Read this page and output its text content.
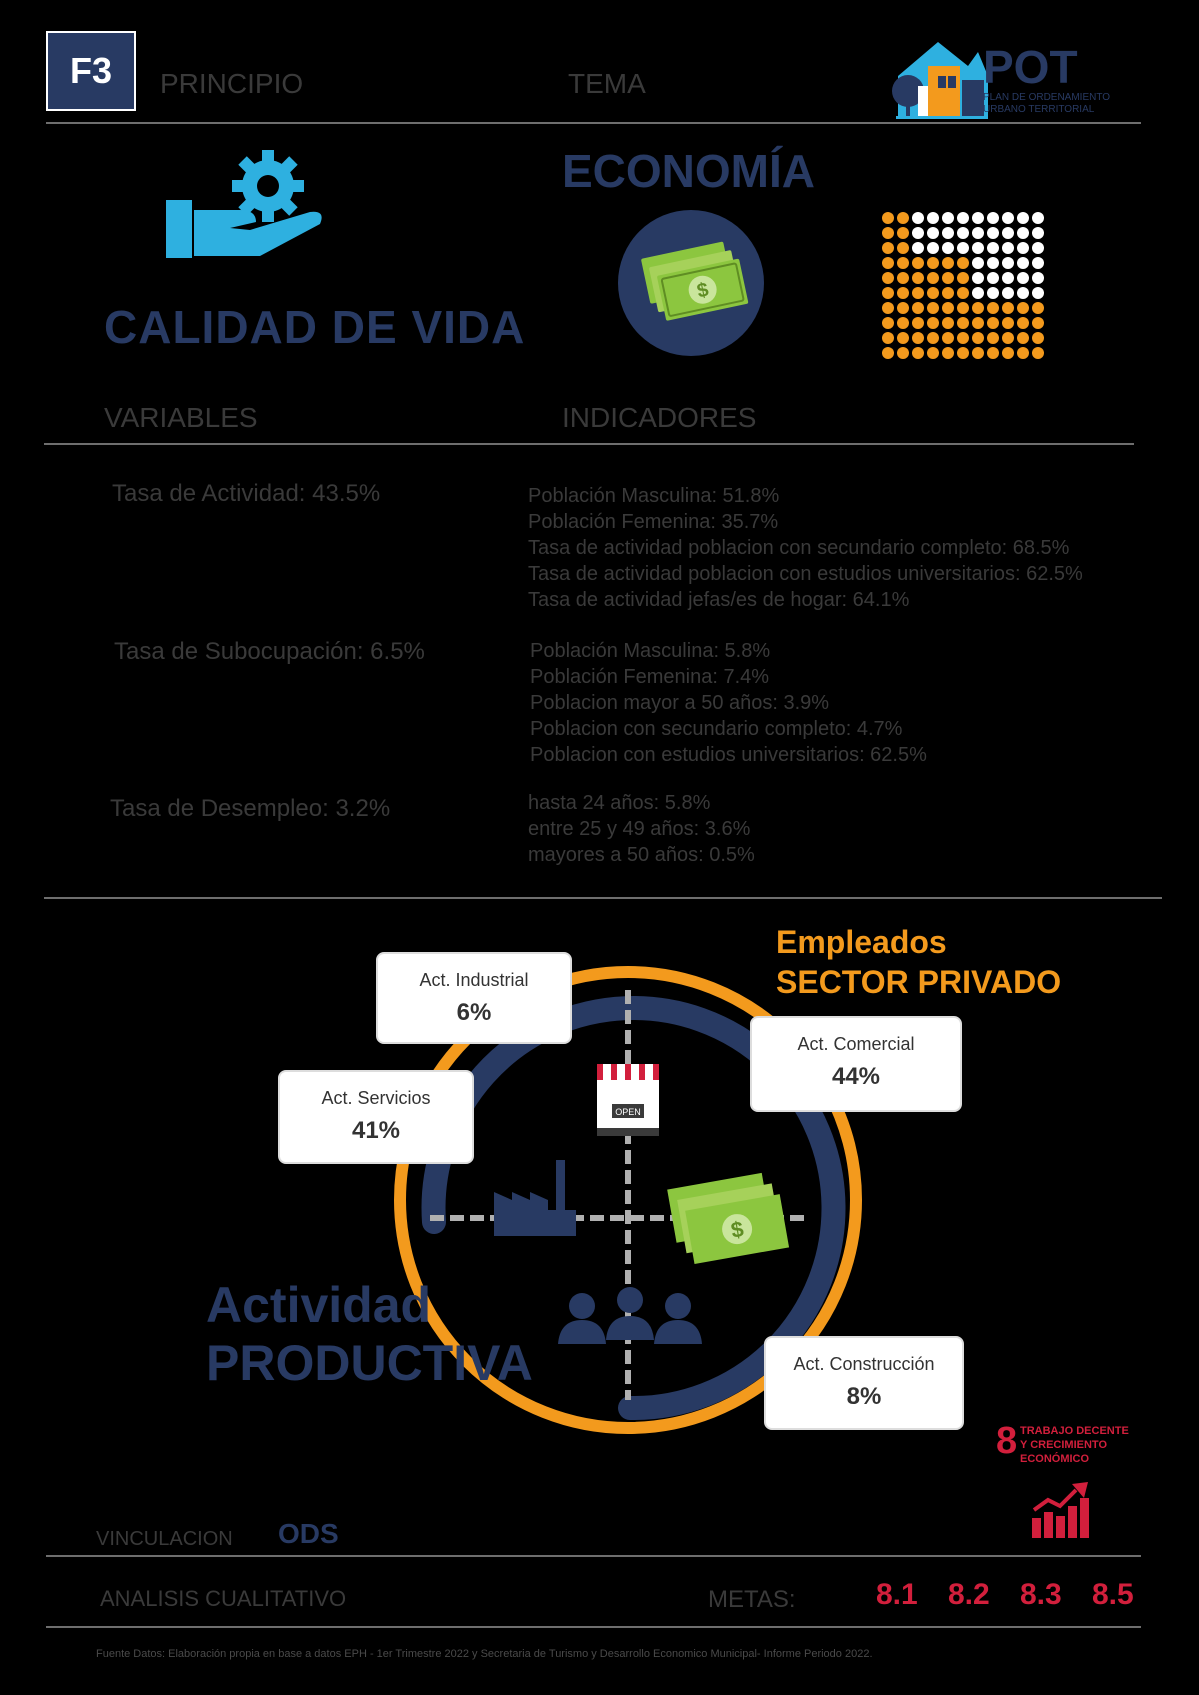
F3	PRINCIPIO	TEMA	POT
PLAN DE ORDENAMIENTO
URBANO TERRITORIAL
CALIDAD DE VIDA
ECONOMÍA
$
VARIABLES	INDICADORES
Tasa de Actividad: 43.5%	Población Masculina: 51.8%
Población Femenina: 35.7%
Tasa de actividad poblacion con secundario completo: 68.5%
Tasa de actividad poblacion con estudios universitarios: 62.5%
Tasa de actividad jefas/es de hogar: 64.1%
Tasa de Subocupación: 6.5%	Población Masculina: 5.8%
Población Femenina: 7.4%
Poblacion mayor a 50 años: 3.9%
Poblacion con secundario completo: 4.7%
Poblacion con estudios universitarios: 62.5%
Tasa de Desempleo: 3.2%	hasta 24 años: 5.8%
entre 25 y 49 años: 3.6%
mayores a 50 años: 0.5%
OPEN
$
Empleados
SECTOR PRIVADO
Actividad
PRODUCTIVA
Act. Industrial
6%
Act. Comercial
44%
Act. Servicios
41%
Act. Construcción
8%
8 TRABAJO DECENTE
Y CRECIMIENTO
ECONÓMICO
VINCULACION ODS
ANALISIS CUALITATIVO	METAS:	8.1 8.2 8.3 8.5
Fuente Datos: Elaboración propia en base a datos EPH - 1er Trimestre 2022 y Secretaria de Turismo y Desarrollo Economico Municipal- Informe Periodo 2022.
